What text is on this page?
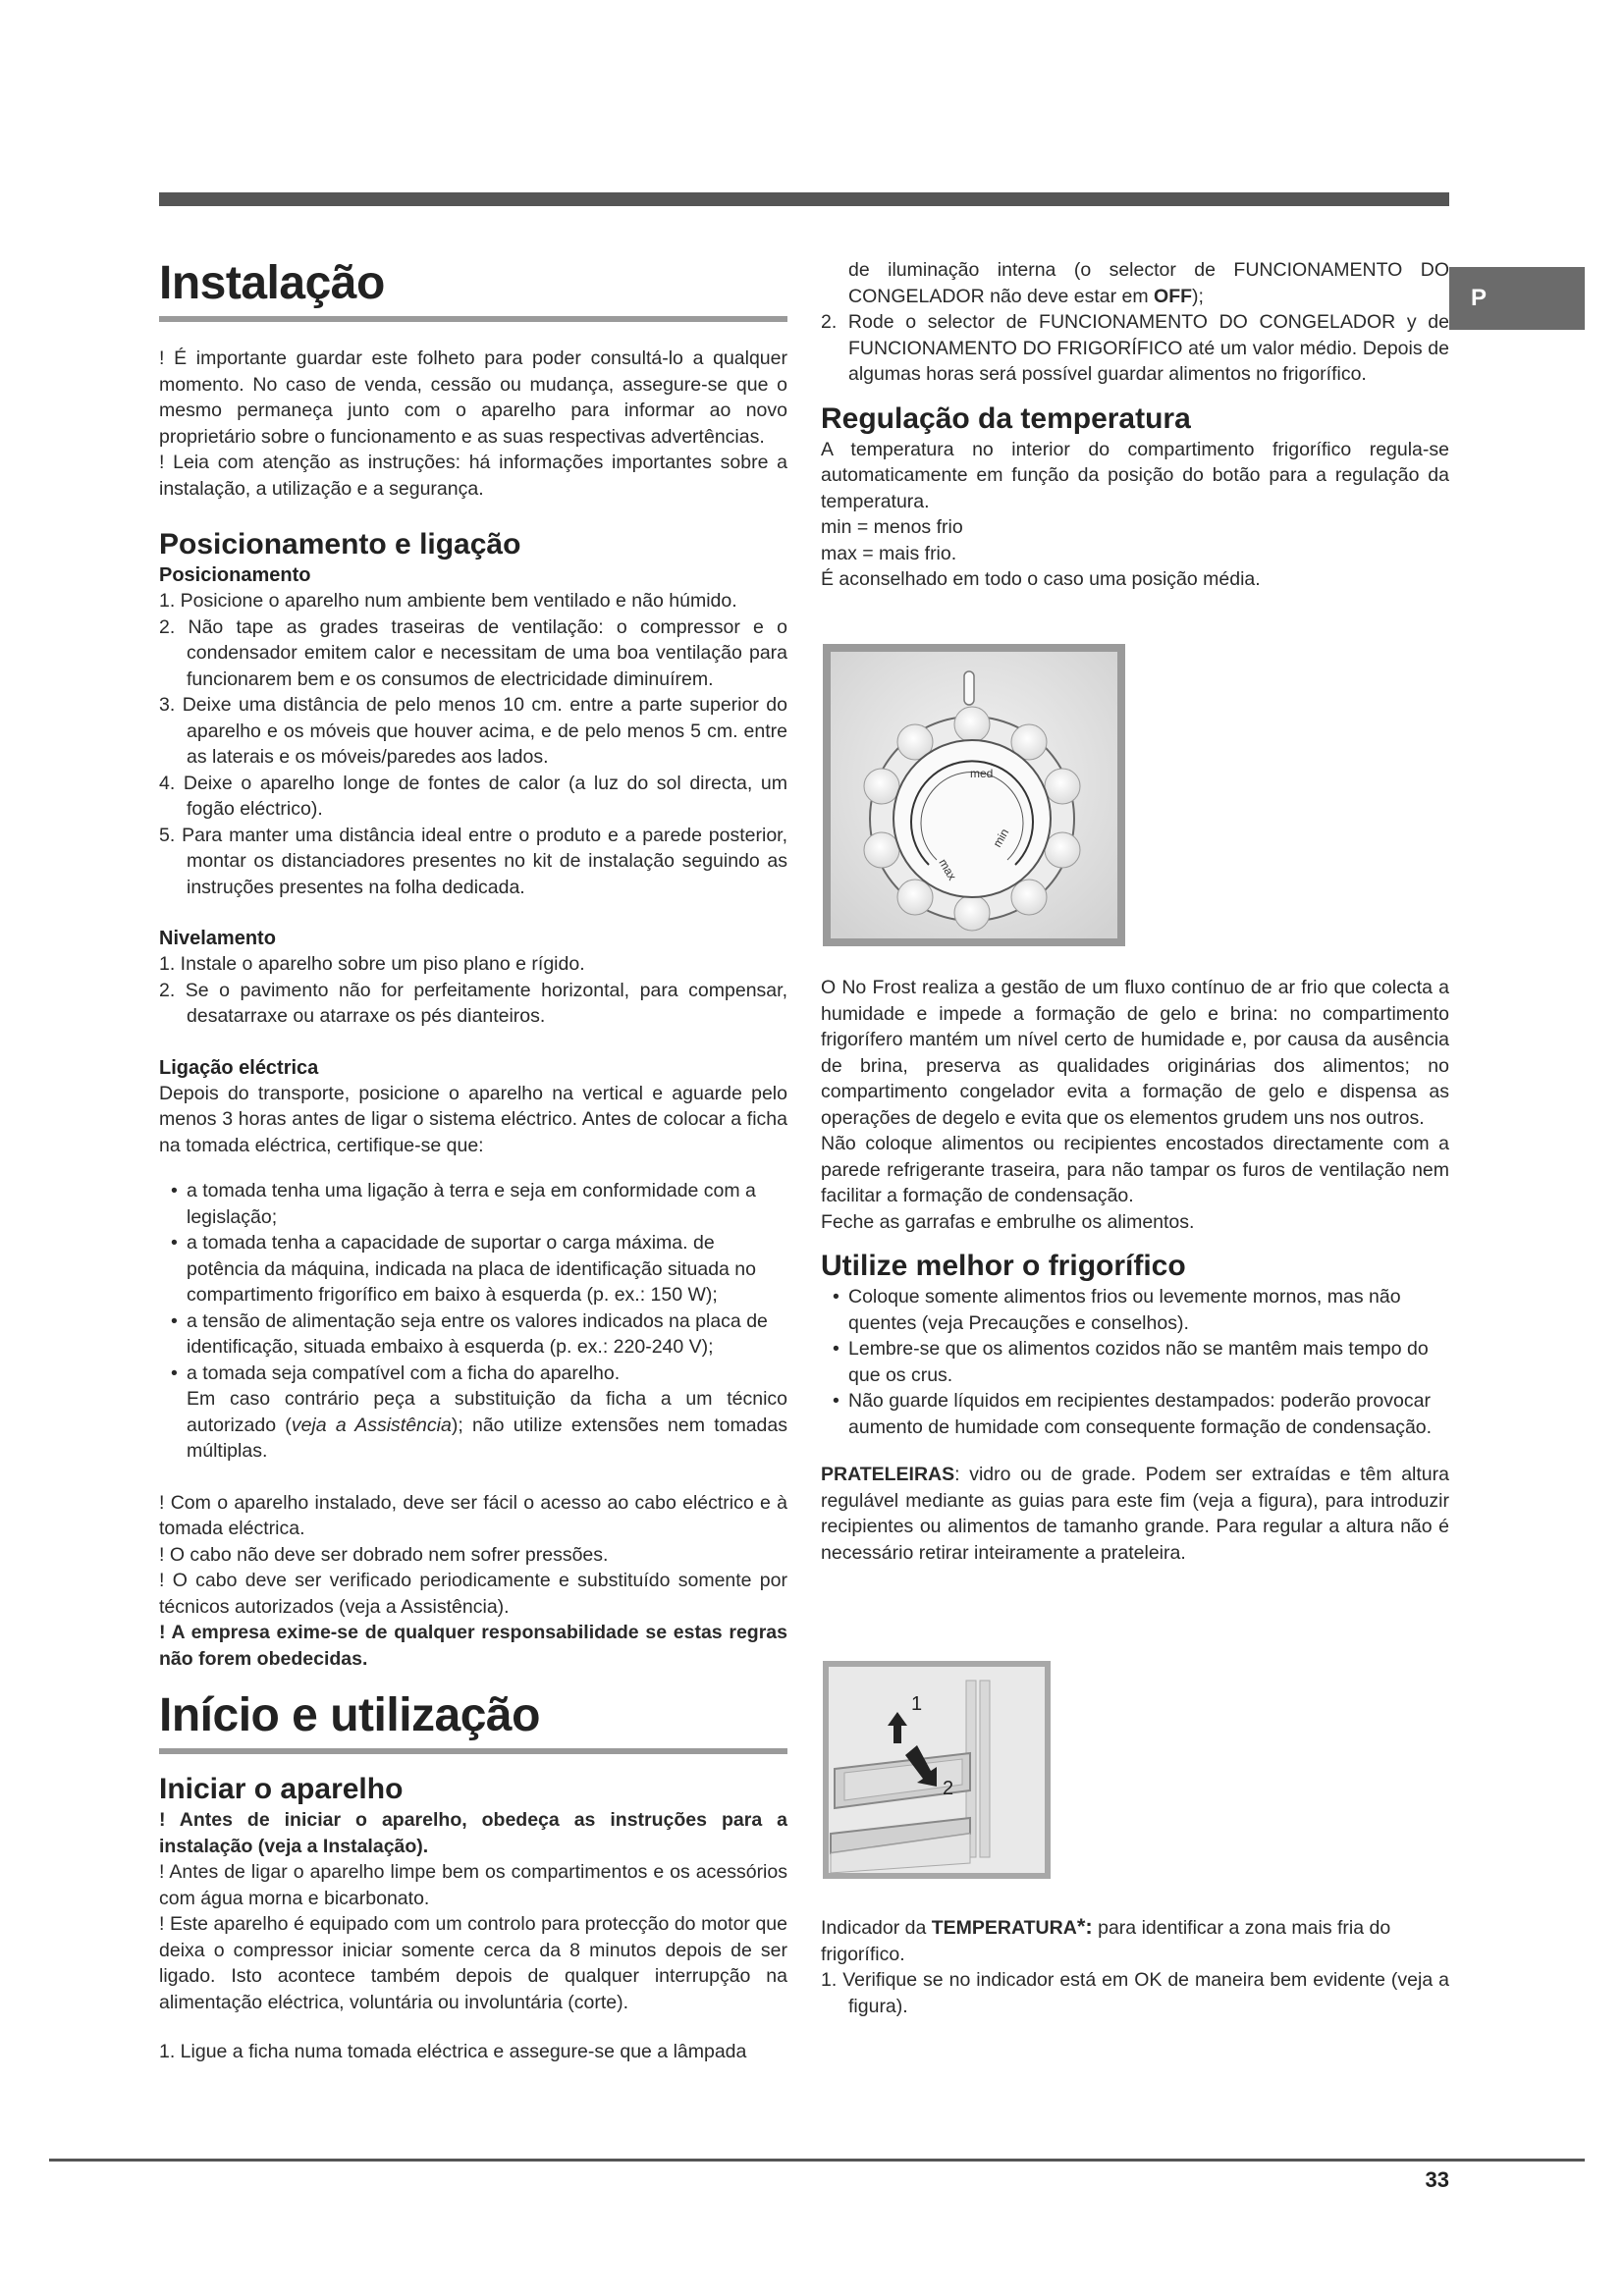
P
Instalação

! É importante guardar este folheto para poder consultá-lo a qualquer momento. No caso de venda, cessão ou mudança, assegure-se que o mesmo permaneça junto com o aparelho para informar ao novo proprietário sobre o funcionamento e as suas respectivas advertências.

! Leia com atenção as instruções: há informações importantes sobre a instalação, a utilização e a segurança.

Posicionamento e ligação
Posicionamento
1. Posicione o aparelho num ambiente bem ventilado e não húmido.
2. Não tape as grades traseiras de ventilação: o compressor e o condensador emitem calor e necessitam de uma boa ventilação para funcionarem bem e os consumos de electricidade diminuírem.
3. Deixe uma distância de pelo menos 10 cm. entre a parte superior do aparelho e os móveis que houver acima, e de pelo menos 5 cm. entre as laterais e os móveis/paredes aos lados.
4. Deixe o aparelho longe de fontes de calor (a luz do sol directa, um fogão eléctrico).
5. Para manter uma distância ideal entre o produto e a parede posterior, montar os distanciadores presentes no kit de instalação seguindo as instruções presentes na folha dedicada.
Nivelamento
1. Instale o aparelho sobre um piso plano e rígido.
2. Se o pavimento não for perfeitamente horizontal, para compensar, desatarraxe ou atarraxe os pés dianteiros.
Ligação eléctrica

Depois do transporte, posicione o aparelho na vertical e aguarde pelo menos 3 horas antes de ligar o sistema eléctrico. Antes de colocar a ficha na tomada eléctrica, certifique-se que:

• a tomada tenha uma ligação à terra e seja em conformidade com a legislação;
• a tomada tenha a capacidade de suportar o carga máxima. de potência da máquina, indicada na placa de identificação situada no compartimento frigorífico em baixo à esquerda (p. ex.: 150 W);
• a tensão de alimentação seja entre os valores indicados na placa de identificação, situada embaixo à esquerda (p. ex.: 220-240 V);
• a tomada seja compatível com a ficha do aparelho.

Em caso contrário peça a substituição da ficha a um técnico autorizado (veja a Assistência); não utilize extensões nem tomadas múltiplas.

! Com o aparelho instalado, deve ser fácil o acesso ao cabo eléctrico e à tomada eléctrica.

! O cabo não deve ser dobrado nem sofrer pressões.

! O cabo deve ser verificado periodicamente e substituído somente por técnicos autorizados (veja a Assistência).

! A empresa exime-se de qualquer responsabilidade se estas regras não forem obedecidas.

Início e utilização
Iniciar o aparelho

! Antes de iniciar o aparelho, obedeça as instruções para a instalação (veja a Instalação).

! Antes de ligar o aparelho limpe bem os compartimentos e os acessórios com água morna e bicarbonato.

! Este aparelho é equipado com um controlo para protecção do motor que deixa o compressor iniciar somente cerca da 8 minutos depois de ser ligado. Isto acontece também depois de qualquer interrupção na alimentação eléctrica, voluntária ou involuntária (corte).

1. Ligue a ficha numa tomada eléctrica e assegure-se que a lâmpada

de iluminação interna (o selector de FUNCIONAMENTO DO CONGELADOR não deve estar em OFF);

2. Rode o selector de FUNCIONAMENTO DO CONGELADOR y de FUNCIONAMENTO DO FRIGORÍFICO até um valor médio. Depois de algumas horas será possível guardar alimentos no frigorífico.
Regulação da temperatura

A temperatura no interior do compartimento frigorífico regula-se automaticamente em função da posição do botão para a regulação da temperatura.

min = menos frio

max = mais frio.

É aconselhado em todo o caso uma posição média.

med
max
min

O No Frost realiza a gestão de um fluxo contínuo de ar frio que colecta a humidade e impede a formação de gelo e brina: no compartimento frigorífero mantém um nível certo de humidade e, por causa da ausência de brina, preserva as qualidades originárias dos alimentos; no compartimento congelador evita a formação de gelo e dispensa as operações de degelo e evita que os elementos grudem uns nos outros.

Não coloque alimentos ou recipientes encostados directamente com a parede refrigerante traseira, para não tampar os furos de ventilação nem facilitar a formação de condensação.

Feche as garrafas e embrulhe os alimentos.

Utilize melhor o frigorífico
• Coloque somente alimentos frios ou levemente mornos, mas não quentes (veja Precauções e conselhos).
• Lembre-se que os alimentos cozidos não se mantêm mais tempo do que os crus.
• Não guarde líquidos em recipientes destampados: poderão provocar aumento de humidade com consequente formação de condensação.

PRATELEIRAS: vidro ou de grade. Podem ser extraídas e têm altura regulável mediante as guias para este fim (veja a figura), para introduzir recipientes ou alimentos de tamanho grande. Para regular a altura não é necessário retirar inteiramente a prateleira.

1
2

Indicador da TEMPERATURA*: para identificar a zona mais fria do frigorífico.

1. Verifique se no indicador está em OK de maneira bem evidente (veja a figura).
33
